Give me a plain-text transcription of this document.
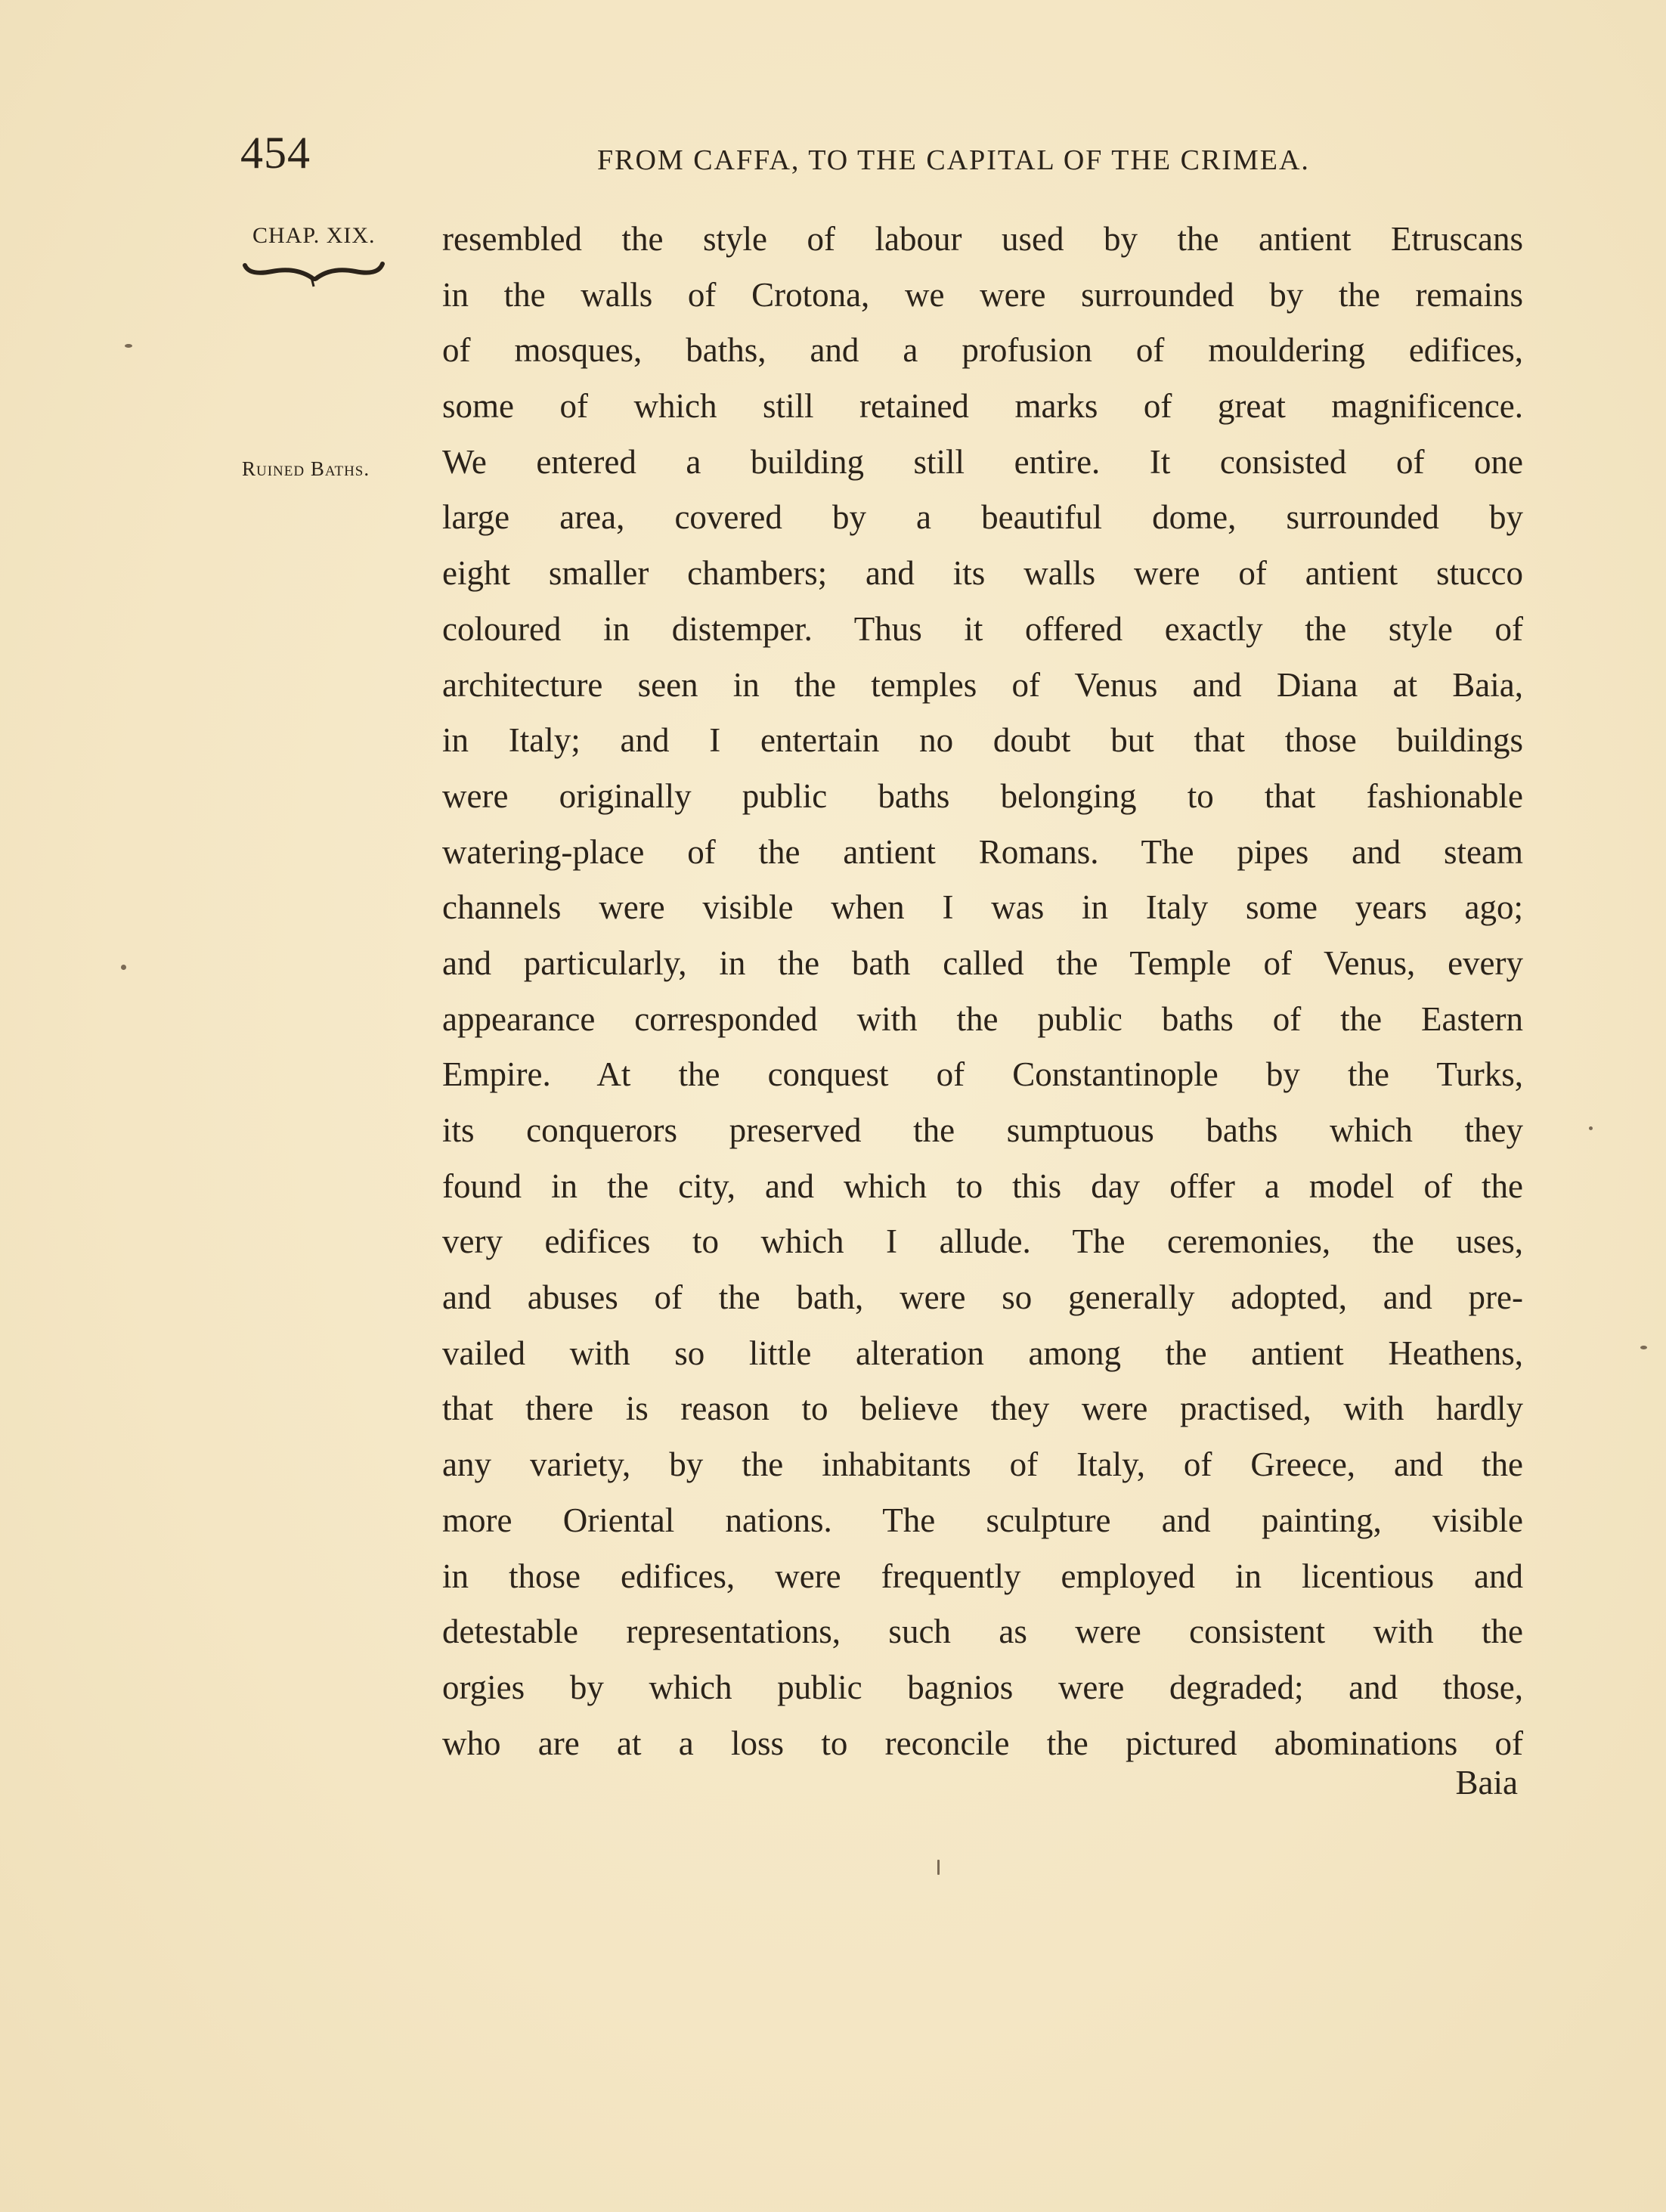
454	FROM CAFFA, TO THE CAPITAL OF THE CRIMEA.
CHAP. XIX.
Ruined Baths.
resembled the style of labour used by the antient Etruscans
in the walls of Crotona, we were surrounded by the remains
of mosques, baths, and a profusion of mouldering edifices,
some of which still retained marks of great magnificence.
We entered a building still entire. It consisted of one
large area, covered by a beautiful dome, surrounded by
eight smaller chambers; and its walls were of antient stucco
coloured in distemper. Thus it offered exactly the style of
architecture seen in the temples of Venus and Diana at Baia,
in Italy; and I entertain no doubt but that those buildings
were originally public baths belonging to that fashionable
watering-place of the antient Romans. The pipes and steam
channels were visible when I was in Italy some years ago;
and particularly, in the bath called the Temple of Venus, every
appearance corresponded with the public baths of the Eastern
Empire. At the conquest of Constantinople by the Turks,
its conquerors preserved the sumptuous baths which they
found in the city, and which to this day offer a model of the
very edifices to which I allude. The ceremonies, the uses,
and abuses of the bath, were so generally adopted, and pre-
vailed with so little alteration among the antient Heathens,
that there is reason to believe they were practised, with hardly
any variety, by the inhabitants of Italy, of Greece, and the
more Oriental nations. The sculpture and painting, visible
in those edifices, were frequently employed in licentious and
detestable representations, such as were consistent with the
orgies by which public bagnios were degraded; and those,
who are at a loss to reconcile the pictured abominations of
Baia
